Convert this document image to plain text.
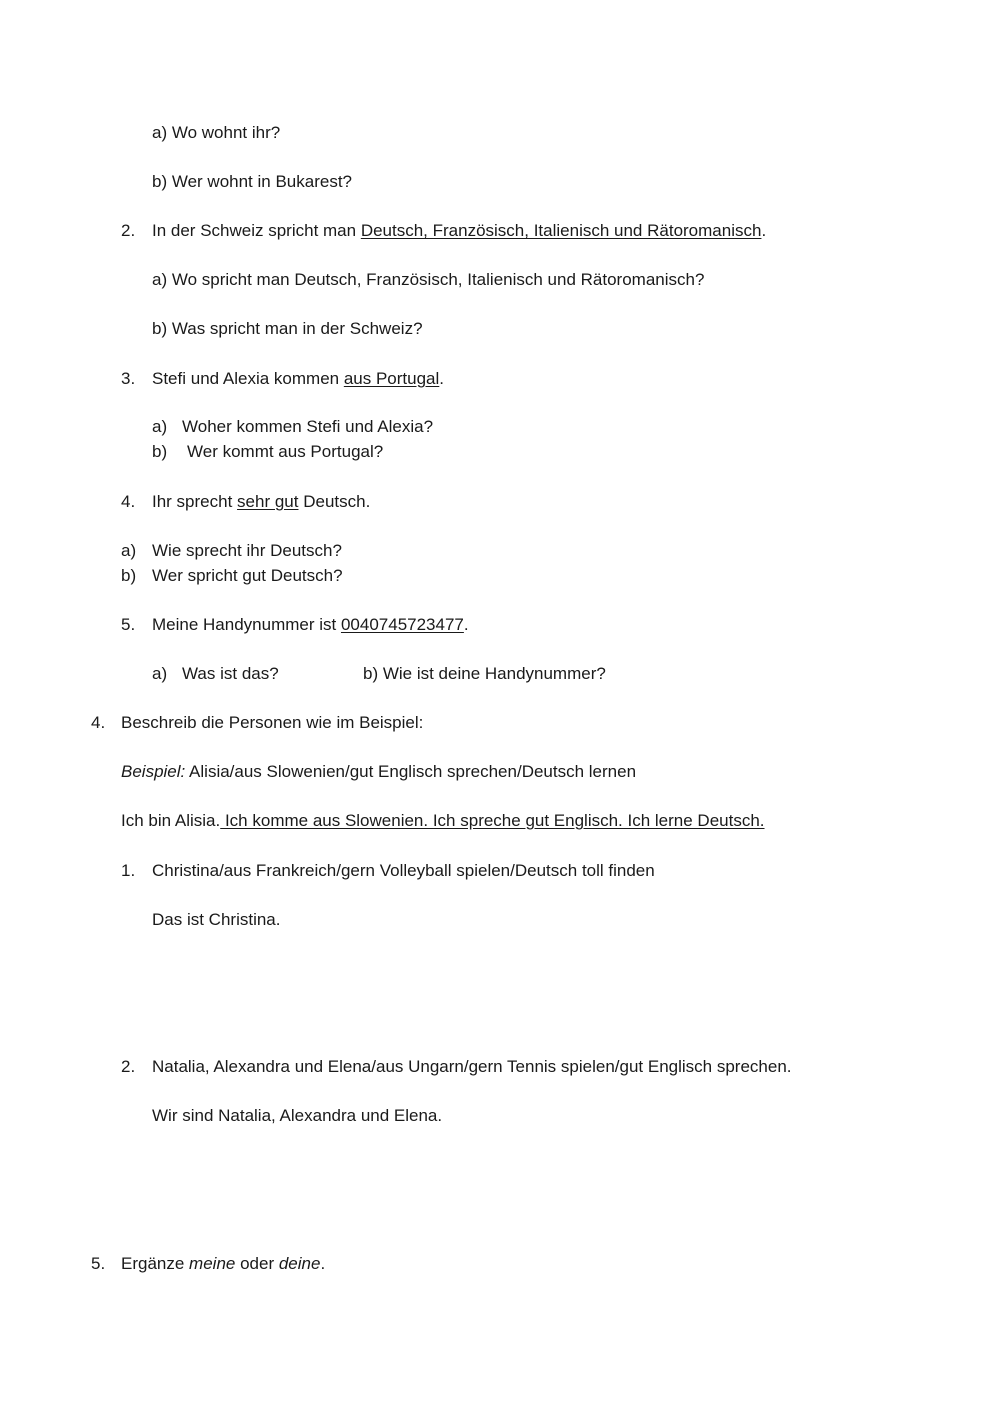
a) Wo wohnt ihr?
b) Wer wohnt in Bukarest?
2. In der Schweiz spricht man Deutsch, Französisch, Italienisch und Rätoromanisch.
a) Wo spricht man Deutsch, Französisch, Italienisch und Rätoromanisch?
b) Was spricht man in der Schweiz?
3. Stefi und Alexia kommen aus Portugal.
a) Woher kommen Stefi und Alexia?
b) Wer kommt aus Portugal?
4. Ihr sprecht sehr gut Deutsch.
a) Wie sprecht ihr Deutsch?
b) Wer spricht gut Deutsch?
5. Meine Handynummer ist 0040745723477.
a) Was ist das?	b) Wie ist deine Handynummer?
4. Beschreib die Personen wie im Beispiel:
Beispiel: Alisia/aus Slowenien/gut Englisch sprechen/Deutsch lernen
Ich bin Alisia. Ich komme aus Slowenien. Ich spreche gut Englisch. Ich lerne Deutsch.
1. Christina/aus Frankreich/gern Volleyball spielen/Deutsch toll finden
Das ist Christina.
2. Natalia, Alexandra und Elena/aus Ungarn/gern Tennis spielen/gut Englisch sprechen.
Wir sind Natalia, Alexandra und Elena.
5. Ergänze meine oder deine.
